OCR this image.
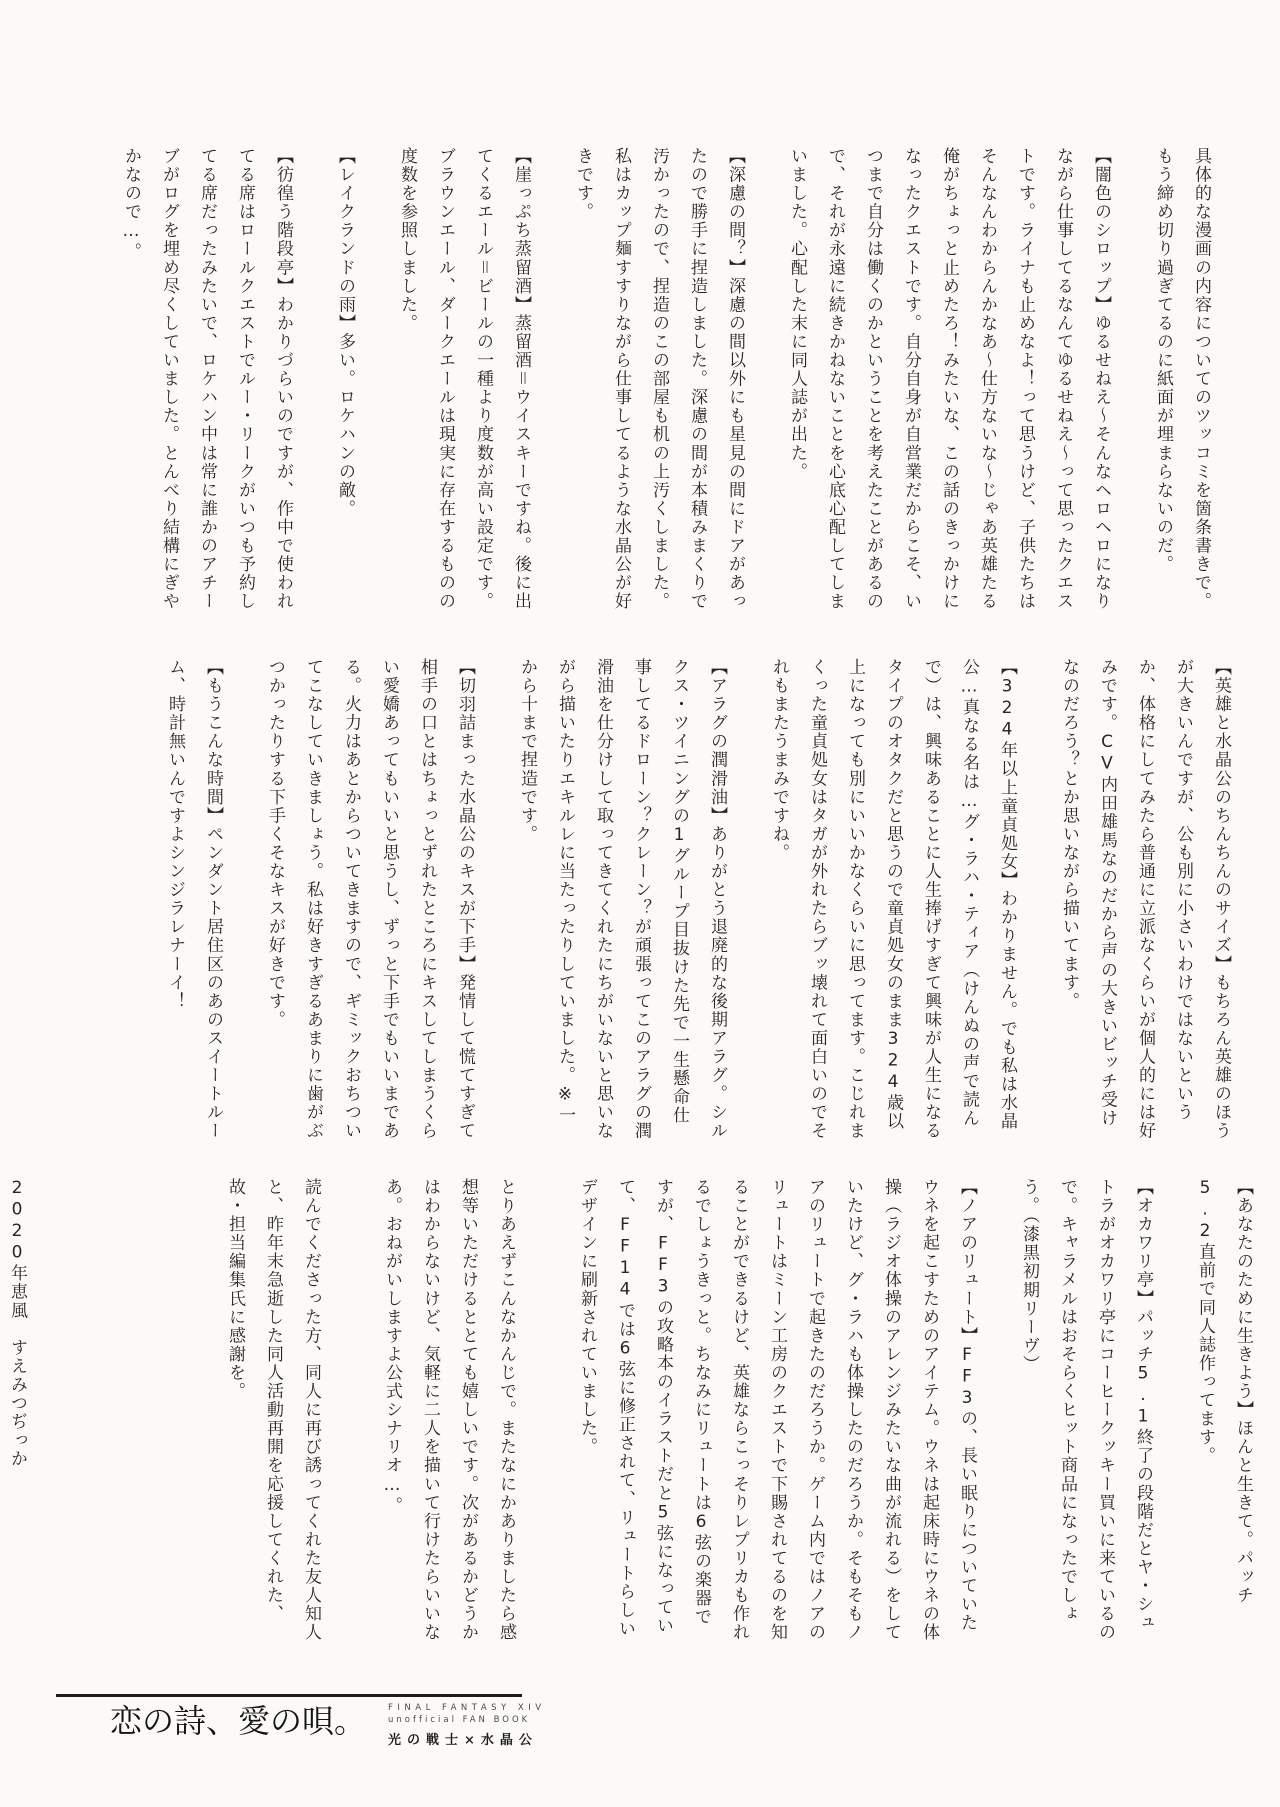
具体的な漫画の内容についてのツッコミを箇条書きで。もう締め切り過ぎてるのに紙面が埋まらないのだ。

【闇色のシロップ】ゆるせねえ〜そんなヘロヘロになりながら仕事してるなんてゆるせねえ〜って思ったクエストです。ライナも止めなよ！って思うけど、子供たちはそんなんわからんかなあ〜仕方ないな〜じゃあ英雄たる俺がちょっと止めたろ！みたいな、この話のきっかけになったクエストです。自分自身が自営業だからこそ、いつまで自分は働くのかということを考えたことがあるので、それが永遠に続きかねないことを心底心配してしまいました。心配した末に同人誌が出た。

【深慮の間？】深慮の間以外にも星見の間にドアがあったので勝手に捏造しました。深慮の間が本積みまくりで汚かったので、捏造のこの部屋も机の上汚くしました。私はカップ麺すすりながら仕事してるような水晶公が好きです。

【崖っぷち蒸留酒】蒸留酒＝ウイスキーですね。後に出てくるエール＝ビールの一種より度数が高い設定です。ブラウンエール、ダークエールは現実に存在するものの度数を参照しました。

【レイクランドの雨】多い。ロケハンの敵。

【彷徨う階段亭】わかりづらいのですが、作中で使われてる席はロールクエストでルー・リークがいつも予約してる席だったみたいで、ロケハン中は常に誰かのアチーブがログを埋め尽くしていました。とんべり結構にぎやかなので…。

【英雄と水晶公のちんちんのサイズ】もちろん英雄のほうが大きいんですが、公も別に小さいわけではないというか、体格にしてみたら普通に立派なくらいが個人的には好みです。CV内田雄馬なのだから声の大きいビッチ受けなのだろう？とか思いながら描いてます。

【324年以上童貞処女】わかりません。でも私は水晶公…真なる名は…グ・ラハ・ティア（けんぬの声で読んで）は、興味あることに人生捧げすぎて興味が人生になるタイプのオタクだと思うので童貞処女のまま324歳以上になっても別にいいかなくらいに思ってます。こじれまくった童貞処女はタガが外れたらブッ壊れて面白いのでそれもまたうまみですね。

【アラグの潤滑油】ありがとう退廃的な後期アラグ。シルクス・ツイニングの1グループ目抜けた先で一生懸命仕事してるドローン？クレーン？が頑張ってこのアラグの潤滑油を仕分けして取ってきてくれたにちがいないと思いながら描いたりエキルレに当たったりしていました。※一から十まで捏造です。

【切羽詰まった水晶公のキスが下手】発情して慌てすぎて相手の口とはちょっとずれたところにキスしてしまうくらい愛嬌あってもいいと思うし、ずっと下手でもいいまである。火力はあとからついてきますので、ギミックおちついてこなしていきましょう。私は好きすぎるあまりに歯がぶつかったりする下手くそなキスが好きです。

【もうこんな時間】ペンダント居住区のあのスイートルーム、時計無いんですよシンジラレナーイ！

【あなたのために生きよう】ほんと生きて。パッチ5.2直前で同人誌作ってます。

【オカワリ亭】パッチ5.1終了の段階だとヤ・シュトラがオカワリ亭にコーヒークッキー買いに来ているので。キャラメルはおそらくヒット商品になったでしょう。（漆黒初期リーヴ）

【ノアのリュート】FF3の、長い眠りについていたウネを起こすためのアイテム。ウネは起床時にウネの体操（ラジオ体操のアレンジみたいな曲が流れる）をしていたけど、グ・ラハも体操したのだろうか。そもそもノアのリュートで起きたのだろうか。ゲーム内ではノアのリュートはミーン工房のクエストで下賜されてるのを知ることができるけど、英雄ならこっそりレプリカも作れるでしょうきっと。ちなみにリュートは6弦の楽器ですが、FF3の攻略本のイラストだと5弦になっていて、FF14では6弦に修正されて、リュートらしいデザインに刷新されていました。

とりあえずこんなかんじで。またなにかありましたら感想等いただけるととても嬉しいです。次があるかどうかはわからないけど、気軽に二人を描いて行けたらいいなあ。おねがいしますよ公式シナリオ…。

読んでくださった方、同人に再び誘ってくれた友人知人と、昨年末急逝した同人活動再開を応援してくれた、故・担当編集氏に感謝を。

2020年恵風　すえみつぢっか

恋の詩、愛の唄。	FINAL FANTASY XIV
unofficial FAN BOOK
光の戦士×水晶公
